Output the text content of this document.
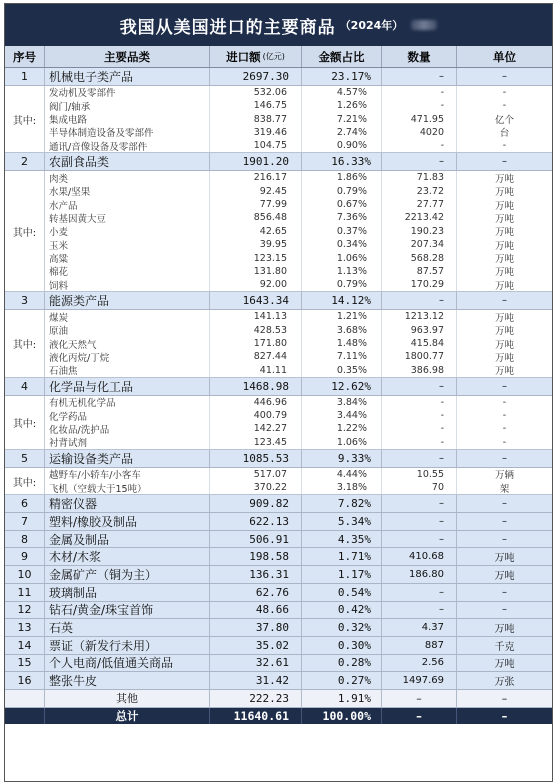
我国从美国进口的主要商品 （2024年）
序号	主要品类	进口额 (亿元)	金额占比	数量	单位
1	机械电子类产品	2697.30	23.17%	–	–
其中:
发动机及零部件	532.06	4.57%	-	-
阀门/轴承	146.75	1.26%	-	-
集成电路	838.77	7.21%	471.95	亿个
半导体制造设备及零部件	319.46	2.74%	4020	台
通讯/音像设备及零部件	104.75	0.90%	-	-
2	农副食品类	1901.20	16.33%	–	–
其中:
肉类	216.17	1.86%	71.83	万吨
水果/坚果	92.45	0.79%	23.72	万吨
水产品	77.99	0.67%	27.77	万吨
转基因黄大豆	856.48	7.36%	2213.42	万吨
小麦	42.65	0.37%	190.23	万吨
玉米	39.95	0.34%	207.34	万吨
高粱	123.15	1.06%	568.28	万吨
棉花	131.80	1.13%	87.57	万吨
饲料	92.00	0.79%	170.29	万吨
3	能源类产品	1643.34	14.12%	–	–
其中:
煤炭	141.13	1.21%	1213.12	万吨
原油	428.53	3.68%	963.97	万吨
液化天然气	171.80	1.48%	415.84	万吨
液化丙烷/丁烷	827.44	7.11%	1800.77	万吨
石油焦	41.11	0.35%	386.98	万吨
4	化学品与化工品	1468.98	12.62%	–	–
其中:
有机无机化学品	446.96	3.84%	-	-
化学药品	400.79	3.44%	-	-
化妆品/洗护品	142.27	1.22%	-	-
衬背试剂	123.45	1.06%	-	-
5	运输设备类产品	1085.53	9.33%	–	–
其中:
越野车/小轿车/小客车	517.07	4.44%	10.55	万辆
飞机（空载大于15吨）	370.22	3.18%	70	架
6	精密仪器	909.82	7.82%	–	–
7	塑料/橡胶及制品	622.13	5.34%	–	–
8	金属及制品	506.91	4.35%	–	–
9	木材/木浆	198.58	1.71%	410.68	万吨
10	金属矿产（铜为主）	136.31	1.17%	186.80	万吨
11	玻璃制品	62.76	0.54%	–	–
12	钻石/黄金/珠宝首饰	48.66	0.42%	–	–
13	石英	37.80	0.32%	4.37	万吨
14	票证（新发行未用）	35.02	0.30%	887	千克
15	个人电商/低值通关商品	32.61	0.28%	2.56	万吨
16	整张牛皮	31.42	0.27%	1497.69	万张
其他	222.23	1.91%	–	–
总计	11640.61	100.00%	–	–
